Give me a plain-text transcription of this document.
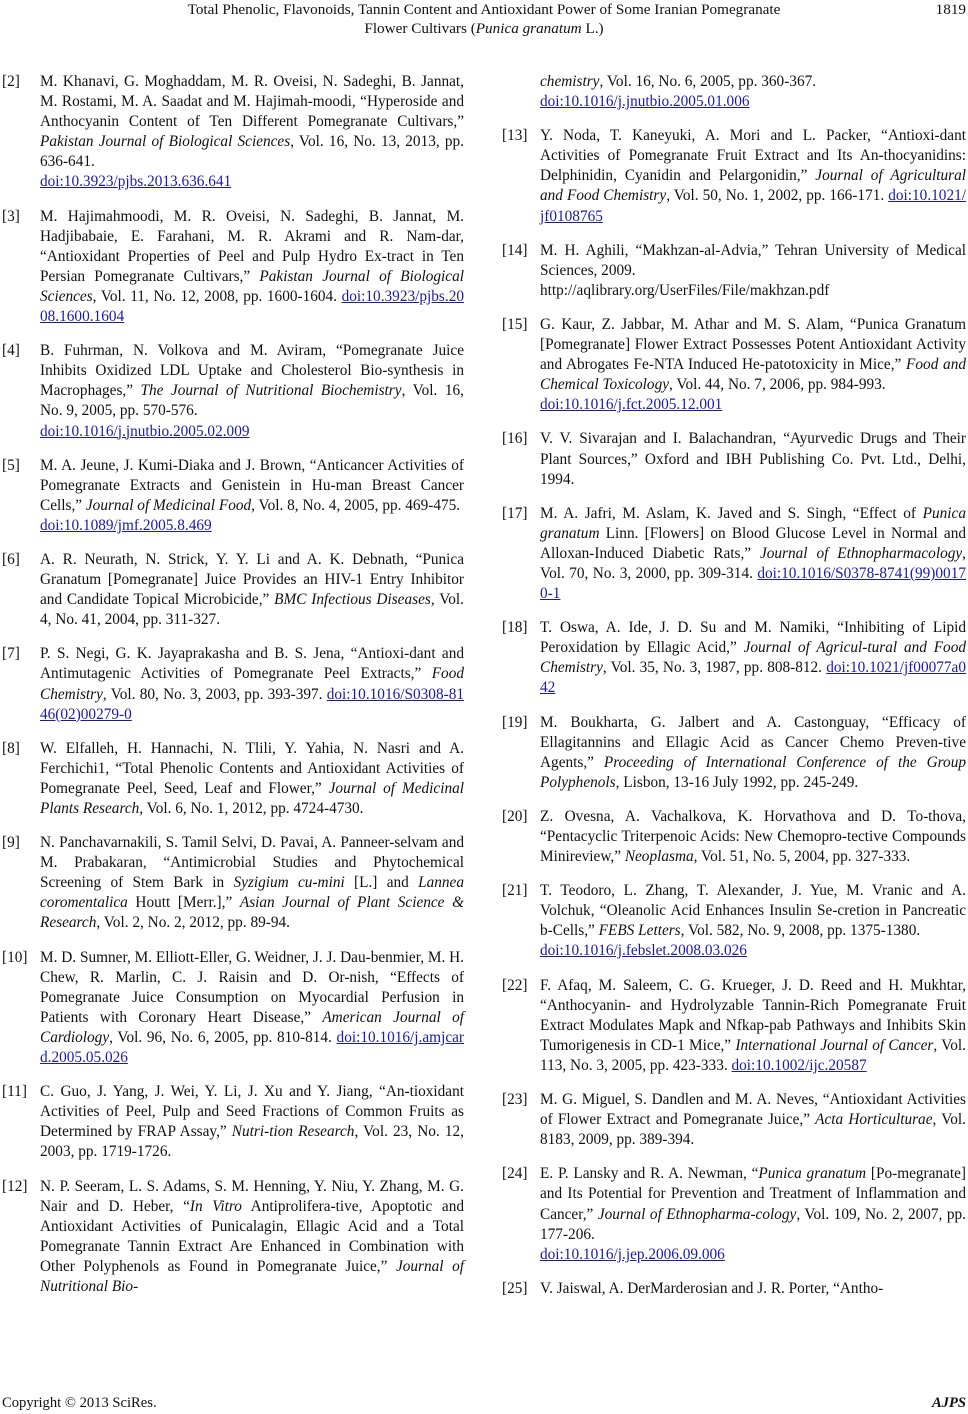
Total Phenolic, Flavonoids, Tannin Content and Antioxidant Power of Some Iranian Pomegranate
Flower Cultivars (Punica granatum L.)
1819
[2]	M. Khanavi, G. Moghaddam, M. R. Oveisi, N. Sadeghi, B. Jannat, M. Rostami, M. A. Saadat and M. Hajimah-moodi, “Hyperoside and Anthocyanin Content of Ten Different Pomegranate Cultivars,” Pakistan Journal of Biological Sciences, Vol. 16, No. 13, 2013, pp. 636-641.
doi:10.3923/pjbs.2013.636.641
[3]	M. Hajimahmoodi, M. R. Oveisi, N. Sadeghi, B. Jannat, M. Hadjibabaie, E. Farahani, M. R. Akrami and R. Nam-dar, “Antioxidant Properties of Peel and Pulp Hydro Ex-tract in Ten Persian Pomegranate Cultivars,” Pakistan Journal of Biological Sciences, Vol. 11, No. 12, 2008, pp. 1600-1604. doi:10.3923/pjbs.2008.1600.1604
[4]	B. Fuhrman, N. Volkova and M. Aviram, “Pomegranate Juice Inhibits Oxidized LDL Uptake and Cholesterol Bio-synthesis in Macrophages,” The Journal of Nutritional Biochemistry, Vol. 16, No. 9, 2005, pp. 570-576.
doi:10.1016/j.jnutbio.2005.02.009
[5]	M. A. Jeune, J. Kumi-Diaka and J. Brown, “Anticancer Activities of Pomegranate Extracts and Genistein in Hu-man Breast Cancer Cells,” Journal of Medicinal Food, Vol. 8, No. 4, 2005, pp. 469-475.
doi:10.1089/jmf.2005.8.469
[6]	A. R. Neurath, N. Strick, Y. Y. Li and A. K. Debnath, “Punica Granatum [Pomegranate] Juice Provides an HIV-1 Entry Inhibitor and Candidate Topical Microbicide,” BMC Infectious Diseases, Vol. 4, No. 41, 2004, pp. 311-327.
[7]	P. S. Negi, G. K. Jayaprakasha and B. S. Jena, “Antioxi-dant and Antimutagenic Activities of Pomegranate Peel Extracts,” Food Chemistry, Vol. 80, No. 3, 2003, pp. 393-397. doi:10.1016/S0308-8146(02)00279-0
[8]	W. Elfalleh, H. Hannachi, N. Tlili, Y. Yahia, N. Nasri and A. Ferchichi1, “Total Phenolic Contents and Antioxidant Activities of Pomegranate Peel, Seed, Leaf and Flower,” Journal of Medicinal Plants Research, Vol. 6, No. 1, 2012, pp. 4724-4730.
[9]	N. Panchavarnakili, S. Tamil Selvi, D. Pavai, A. Panneer-selvam and M. Prabakaran, “Antimicrobial Studies and Phytochemical Screening of Stem Bark in Syzigium cu-mini [L.] and Lannea coromentalica Houtt [Merr.],” Asian Journal of Plant Science & Research, Vol. 2, No. 2, 2012, pp. 89-94.
[10] M. D. Sumner, M. Elliott-Eller, G. Weidner, J. J. Dau-benmier, M. H. Chew, R. Marlin, C. J. Raisin and D. Or-nish, “Effects of Pomegranate Juice Consumption on Myocardial Perfusion in Patients with Coronary Heart Disease,” American Journal of Cardiology, Vol. 96, No. 6, 2005, pp. 810-814. doi:10.1016/j.amjcard.2005.05.026
[11] C. Guo, J. Yang, J. Wei, Y. Li, J. Xu and Y. Jiang, “An-tioxidant Activities of Peel, Pulp and Seed Fractions of Common Fruits as Determined by FRAP Assay,” Nutri-tion Research, Vol. 23, No. 12, 2003, pp. 1719-1726.
[12] N. P. Seeram, L. S. Adams, S. M. Henning, Y. Niu, Y. Zhang, M. G. Nair and D. Heber, “In Vitro Antiprolifera-tive, Apoptotic and Antioxidant Activities of Punicalagin, Ellagic Acid and a Total Pomegranate Tannin Extract Are Enhanced in Combination with Other Polyphenols as Found in Pomegranate Juice,” Journal of Nutritional Bio-
chemistry, Vol. 16, No. 6, 2005, pp. 360-367.
doi:10.1016/j.jnutbio.2005.01.006
[13] Y. Noda, T. Kaneyuki, A. Mori and L. Packer, “Antioxi-dant Activities of Pomegranate Fruit Extract and Its An-thocyanidins: Delphinidin, Cyanidin and Pelargonidin,” Journal of Agricultural and Food Chemistry, Vol. 50, No. 1, 2002, pp. 166-171. doi:10.1021/jf0108765
[14] M. H. Aghili, “Makhzan-al-Advia,” Tehran University of Medical Sciences, 2009.
http://aqlibrary.org/UserFiles/File/makhzan.pdf
[15] G. Kaur, Z. Jabbar, M. Athar and M. S. Alam, “Punica Granatum [Pomegranate] Flower Extract Possesses Potent Antioxidant Activity and Abrogates Fe-NTA Induced He-patotoxicity in Mice,” Food and Chemical Toxicology, Vol. 44, No. 7, 2006, pp. 984-993.
doi:10.1016/j.fct.2005.12.001
[16] V. V. Sivarajan and I. Balachandran, “Ayurvedic Drugs and Their Plant Sources,” Oxford and IBH Publishing Co. Pvt. Ltd., Delhi, 1994.
[17] M. A. Jafri, M. Aslam, K. Javed and S. Singh, “Effect of Punica granatum Linn. [Flowers] on Blood Glucose Level in Normal and Alloxan-Induced Diabetic Rats,” Journal of Ethnopharmacology, Vol. 70, No. 3, 2000, pp. 309-314. doi:10.1016/S0378-8741(99)00170-1
[18] T. Oswa, A. Ide, J. D. Su and M. Namiki, “Inhibiting of Lipid Peroxidation by Ellagic Acid,” Journal of Agricul-tural and Food Chemistry, Vol. 35, No. 3, 1987, pp. 808-812. doi:10.1021/jf00077a042
[19] M. Boukharta, G. Jalbert and A. Castonguay, “Efficacy of Ellagitannins and Ellagic Acid as Cancer Chemo Preven-tive Agents,” Proceeding of International Conference of the Group Polyphenols, Lisbon, 13-16 July 1992, pp. 245-249.
[20] Z. Ovesna, A. Vachalkova, K. Horvathova and D. To-thova, “Pentacyclic Triterpenoic Acids: New Chemopro-tective Compounds Minireview,” Neoplasma, Vol. 51, No. 5, 2004, pp. 327-333.
[21] T. Teodoro, L. Zhang, T. Alexander, J. Yue, M. Vranic and A. Volchuk, “Oleanolic Acid Enhances Insulin Se-cretion in Pancreatic b-Cells,” FEBS Letters, Vol. 582, No. 9, 2008, pp. 1375-1380.
doi:10.1016/j.febslet.2008.03.026
[22] F. Afaq, M. Saleem, C. G. Krueger, J. D. Reed and H. Mukhtar, “Anthocyanin- and Hydrolyzable Tannin-Rich Pomegranate Fruit Extract Modulates Mapk and Nfkap-pab Pathways and Inhibits Skin Tumorigenesis in CD-1 Mice,” International Journal of Cancer, Vol. 113, No. 3, 2005, pp. 423-333. doi:10.1002/ijc.20587
[23] M. G. Miguel, S. Dandlen and M. A. Neves, “Antioxidant Activities of Flower Extract and Pomegranate Juice,” Acta Horticulturae, Vol. 8183, 2009, pp. 389-394.
[24] E. P. Lansky and R. A. Newman, “Punica granatum [Po-megranate] and Its Potential for Prevention and Treatment of Inflammation and Cancer,” Journal of Ethnopharma-cology, Vol. 109, No. 2, 2007, pp. 177-206.
doi:10.1016/j.jep.2006.09.006
[25] V. Jaiswal, A. DerMarderosian and J. R. Porter, “Antho-
Copyright © 2013 SciRes.	AJPS
